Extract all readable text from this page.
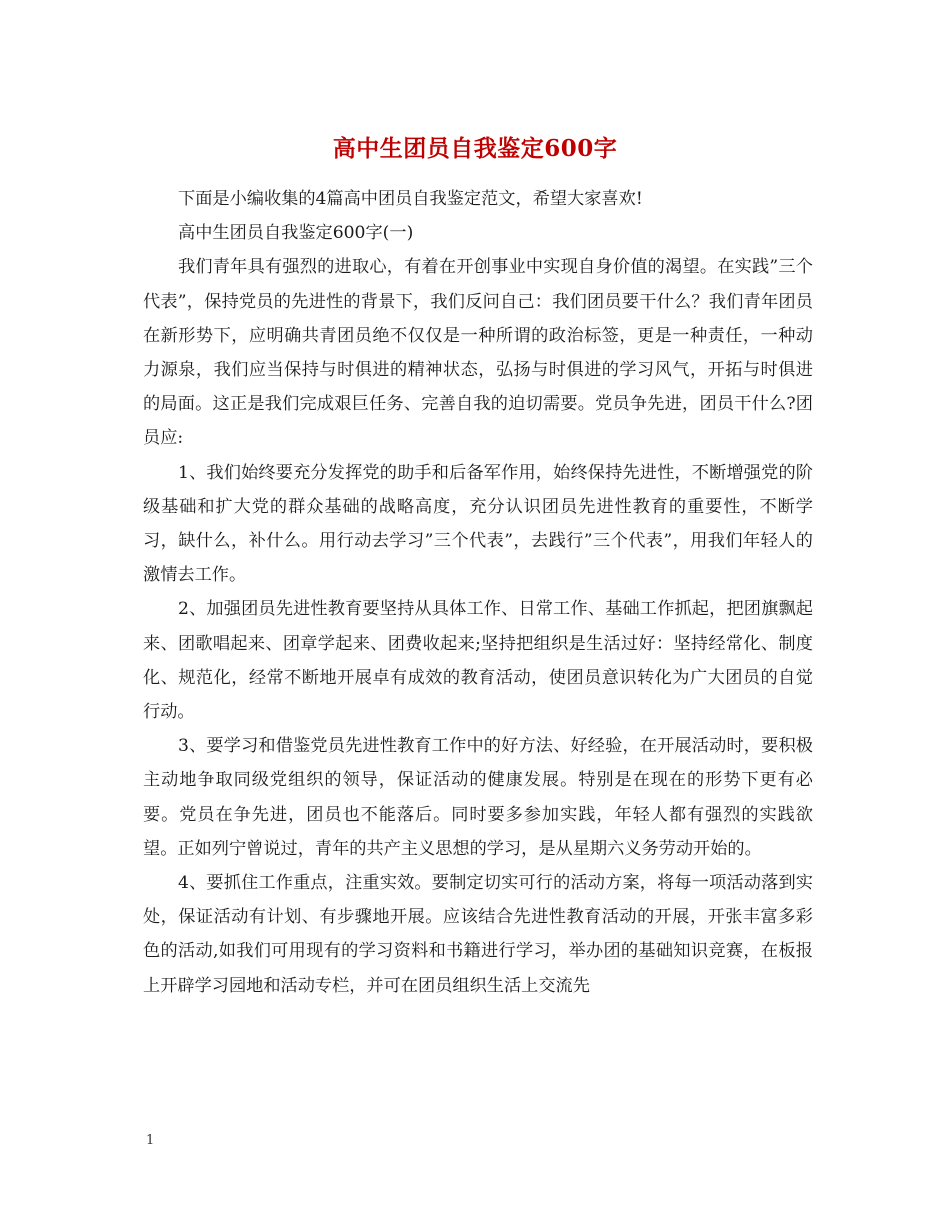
高中生团员自我鉴定600字

下面是小编收集的4篇高中团员自我鉴定范文，希望大家喜欢!

高中生团员自我鉴定600字(一)

我们青年具有强烈的进取心，有着在开创事业中实现自身价值的渴望。在实践”三个代表”，保持党员的先进性的背景下，我们反问自己：我们团员要干什么？我们青年团员在新形势下，应明确共青团员绝不仅仅是一种所谓的政治标签，更是一种责任，一种动力源泉，我们应当保持与时俱进的精神状态，弘扬与时俱进的学习风气，开拓与时俱进的局面。这正是我们完成艰巨任务、完善自我的迫切需要。党员争先进，团员干什么?团员应:

1、我们始终要充分发挥党的助手和后备军作用，始终保持先进性，不断增强党的阶级基础和扩大党的群众基础的战略高度，充分认识团员先进性教育的重要性，不断学习，缺什么，补什么。用行动去学习”三个代表”，去践行”三个代表”，用我们年轻人的激情去工作。

2、加强团员先进性教育要坚持从具体工作、日常工作、基础工作抓起，把团旗飘起来、团歌唱起来、团章学起来、团费收起来;坚持把组织是生活过好：坚持经常化、制度化、规范化，经常不断地开展卓有成效的教育活动，使团员意识转化为广大团员的自觉行动。

3、要学习和借鉴党员先进性教育工作中的好方法、好经验，在开展活动时，要积极主动地争取同级党组织的领导，保证活动的健康发展。特别是在现在的形势下更有必要。党员在争先进，团员也不能落后。同时要多参加实践，年轻人都有强烈的实践欲望。正如列宁曾说过，青年的共产主义思想的学习，是从星期六义务劳动开始的。

4、要抓住工作重点，注重实效。要制定切实可行的活动方案，将每一项活动落到实处，保证活动有计划、有步骤地开展。应该结合先进性教育活动的开展，开张丰富多彩色的活动,如我们可用现有的学习资料和书籍进行学习，举办团的基础知识竞赛，在板报上开辟学习园地和活动专栏，并可在团员组织生活上交流先

1
